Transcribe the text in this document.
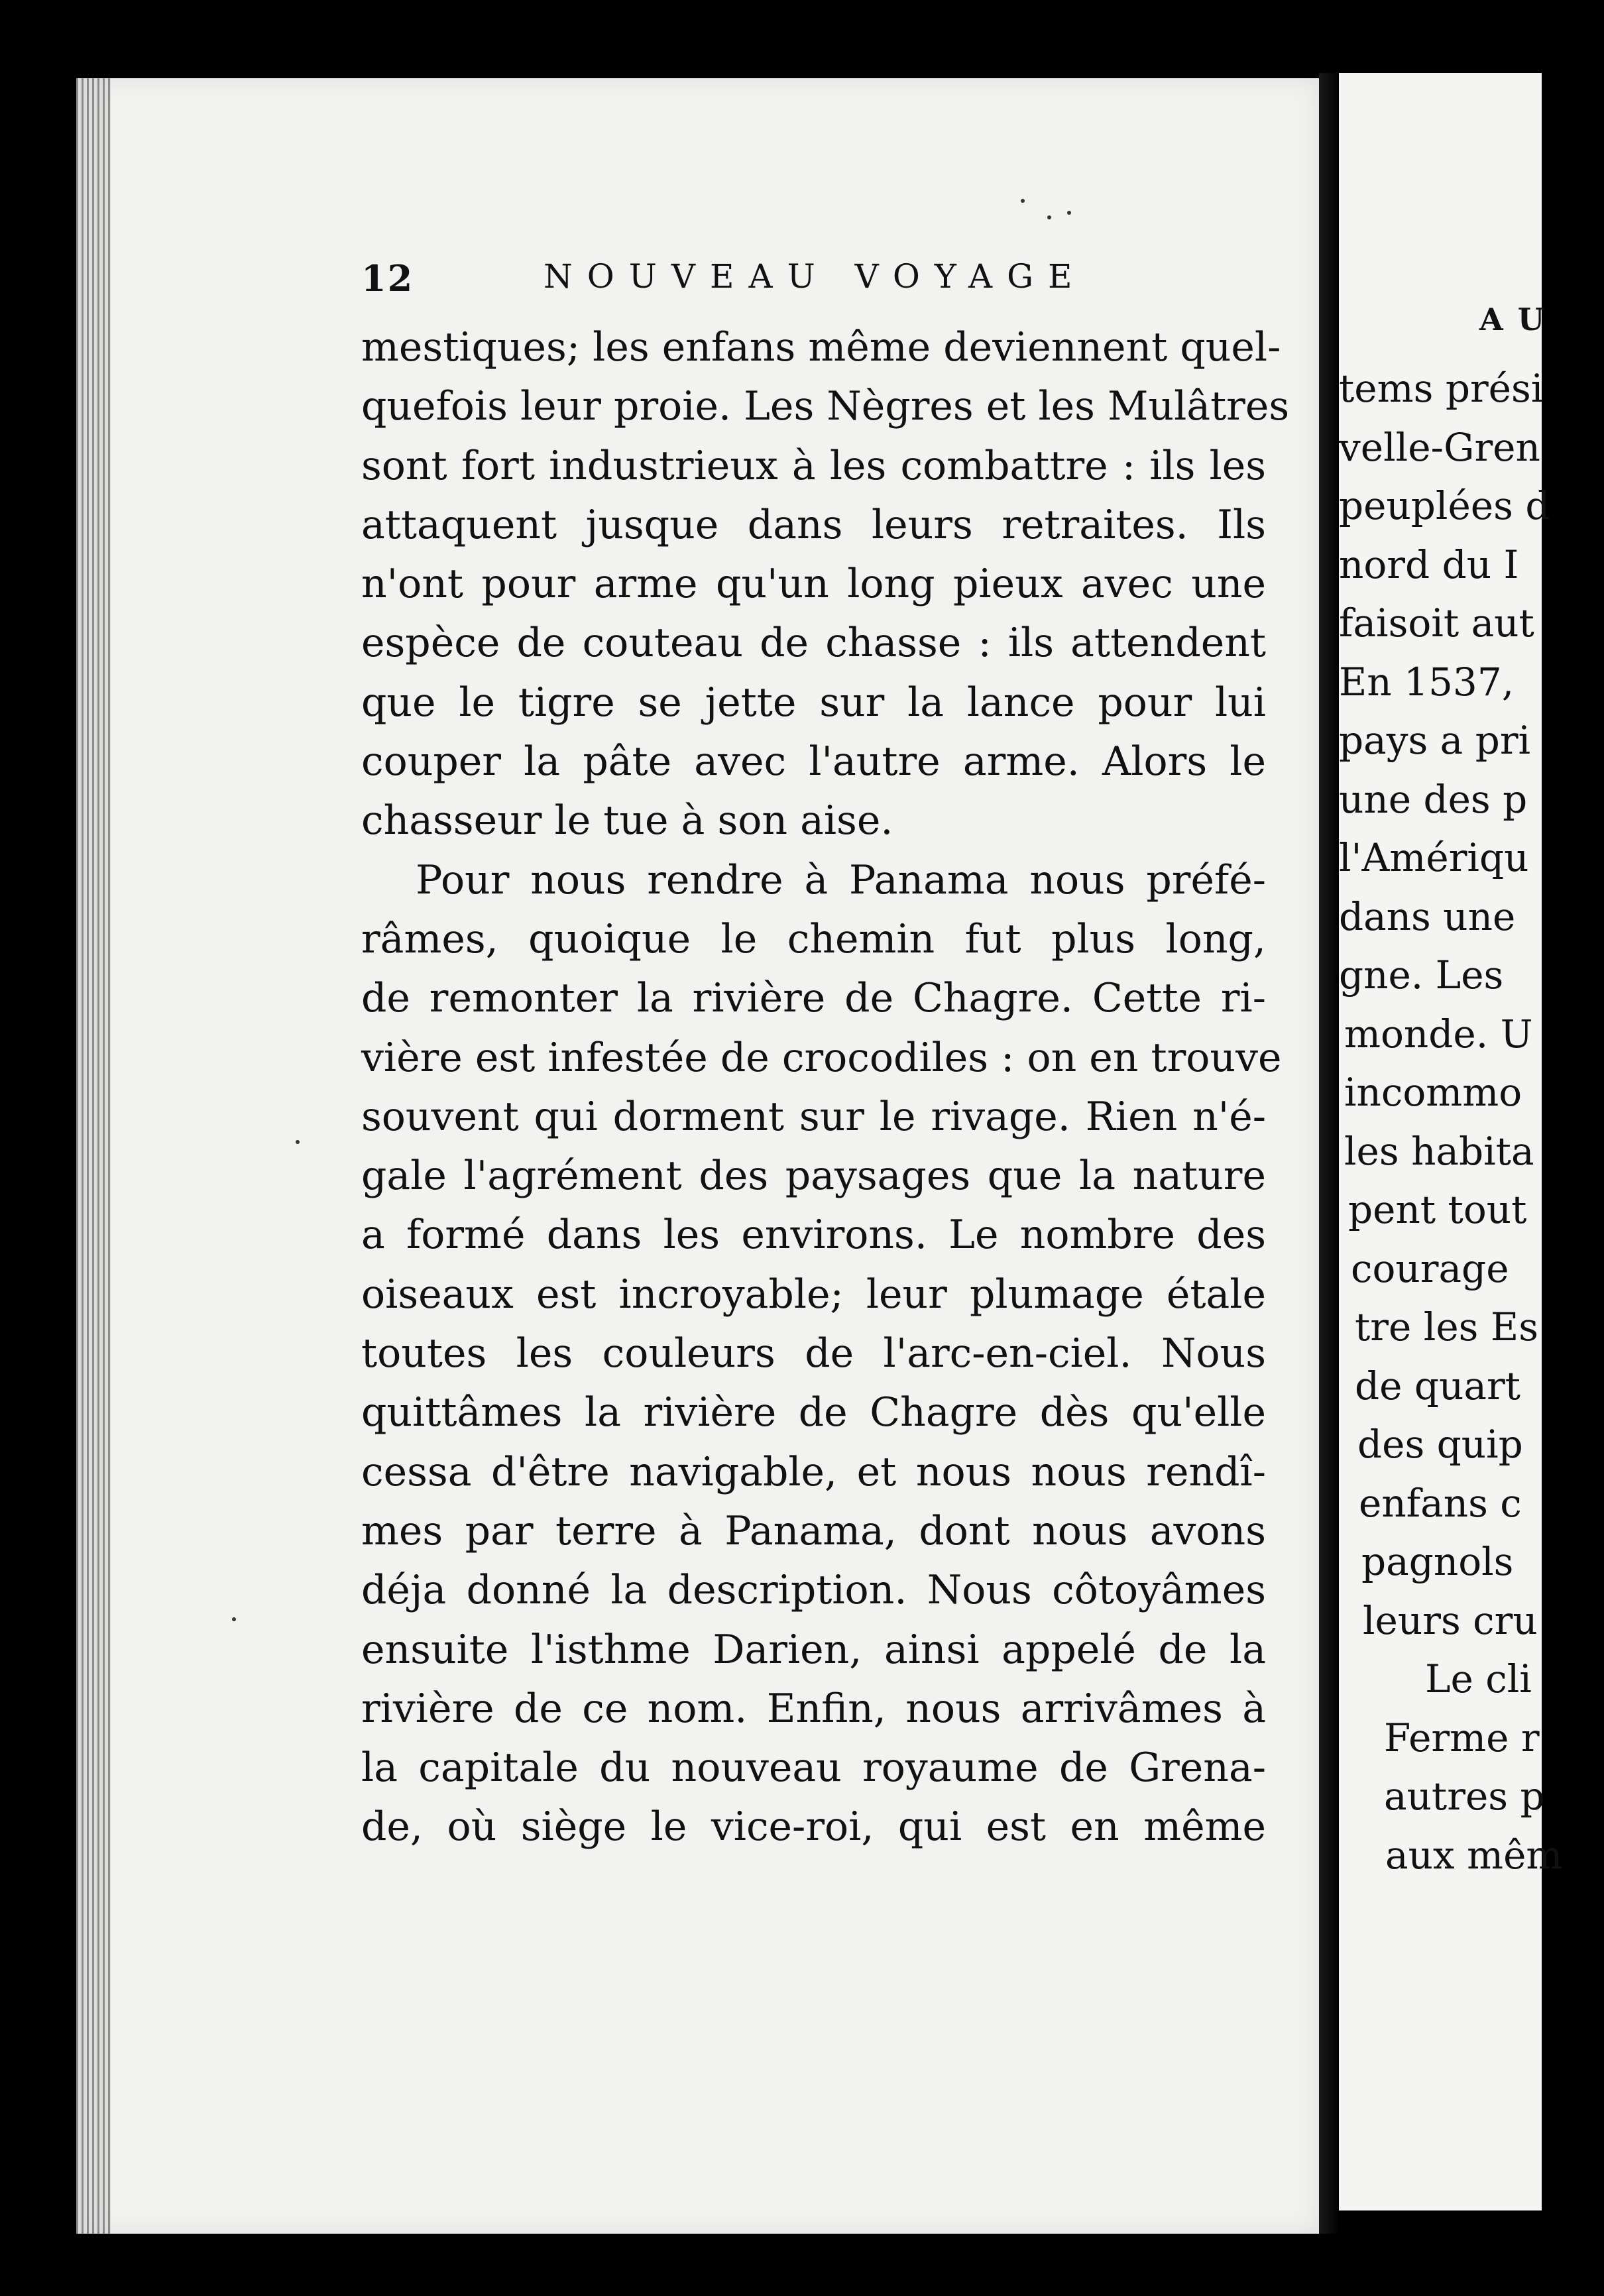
12	NOUVEAU VOYAGE
mestiques; les enfans même deviennent quel-
quefois leur proie. Les Nègres et les Mulâtres
sont fort industrieux à les combattre : ils les
attaquent jusque dans leurs retraites. Ils
n'ont pour arme qu'un long pieux avec une
espèce de couteau de chasse : ils attendent
que le tigre se jette sur la lance pour lui
couper la pâte avec l'autre arme. Alors le
chasseur le tue à son aise.
Pour nous rendre à Panama nous préfé-
râmes, quoique le chemin fut plus long,
de remonter la rivière de Chagre. Cette ri-
vière est infestée de crocodiles : on en trouve
souvent qui dorment sur le rivage. Rien n'é-
gale l'agrément des paysages que la nature
a formé dans les environs. Le nombre des
oiseaux est incroyable; leur plumage étale
toutes les couleurs de l'arc-en-ciel. Nous
quittâmes la rivière de Chagre dès qu'elle
cessa d'être navigable, et nous nous rendî-
mes par terre à Panama, dont nous avons
déja donné la description. Nous côtoyâmes
ensuite l'isthme Darien, ainsi appelé de la
rivière de ce nom. Enfin, nous arrivâmes à
la capitale du nouveau royaume de Grena-
de, où siège le vice-roi, qui est en même
AU
tems prési
velle-Gren
peuplées d
nord du I
faisoit aut
En 1537,
pays a pri
une des p
l'Amériqu
dans une
gne. Les
monde. U
incommo
les habita
pent tout
courage
tre les Es
de quart
des quip
enfans c
pagnols
leurs cru
Le cli
Ferme r
autres p
aux mêm
